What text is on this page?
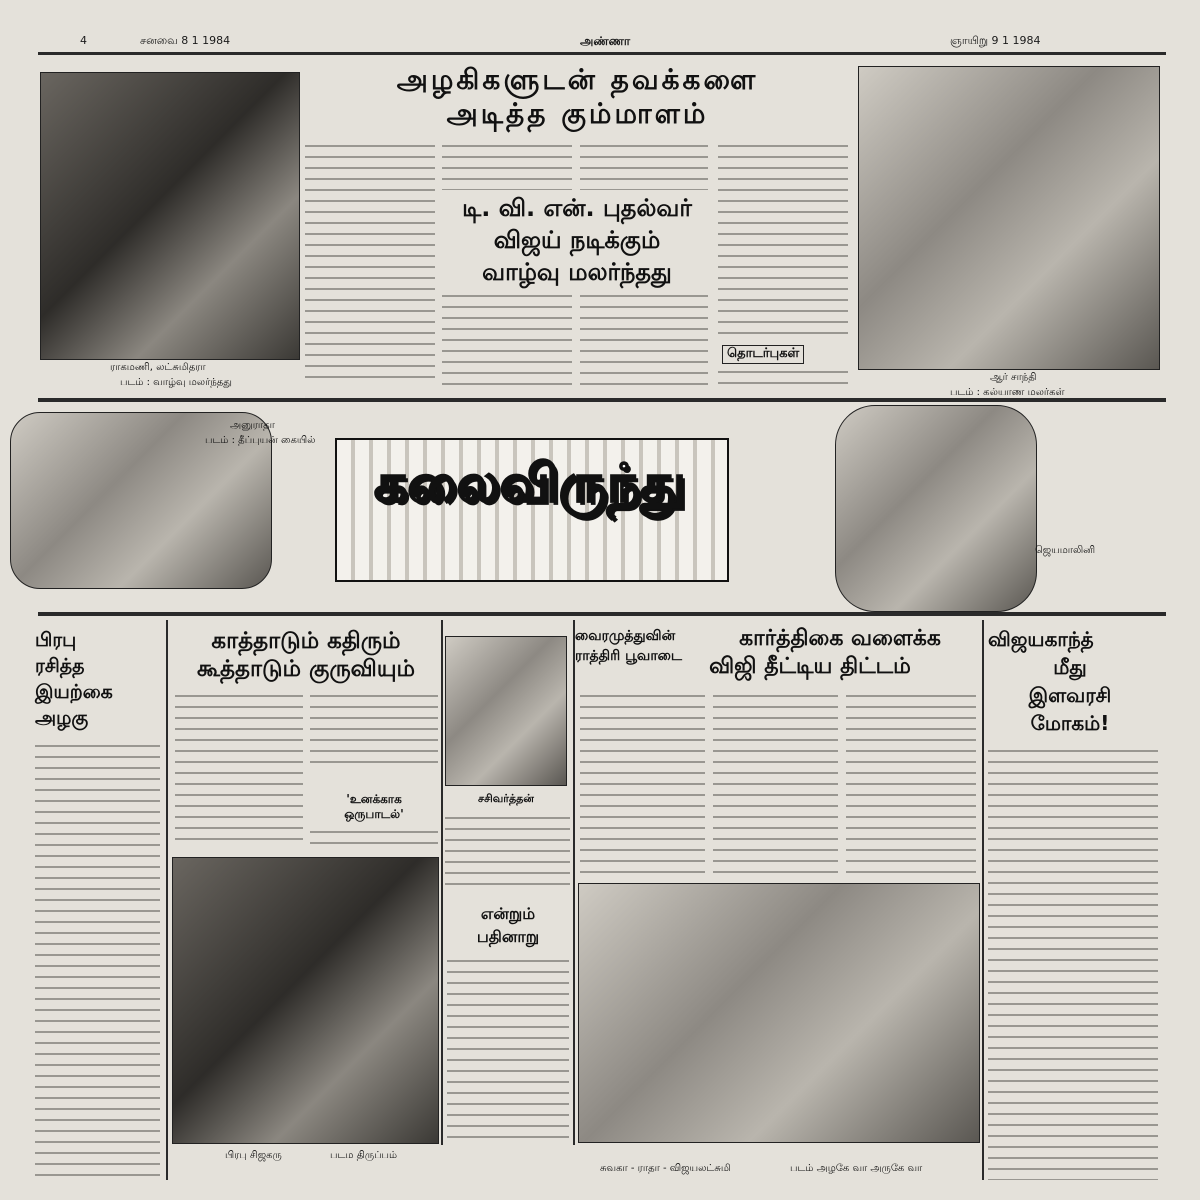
4	சனவை 8 1 1984	அண்ணா	ஞாயிறு 9 1 1984
ராகமணி, லட்சுமிதரா
படம் : வாழ்வு மலர்ந்தது
அழகிகளுடன் தவக்களை
அடித்த கும்மாளம்
டி. வி. என். புதல்வர்
விஜய் நடிக்கும்
வாழ்வு மலர்ந்தது
தொடர்புகள்
ஆர் சாந்தி
படம் : கல்யாண மலர்கள்
அனுராதா
படம் : தீப்புயன் கையில்
கலைவிருந்து
ஜெயமாலினி
பிரபு
ரசித்த
இயற்கை
அழகு
காத்தாடும் கதிரும்
கூத்தாடும் குருவியும்
'உனக்காக
ஒருபாடல்'
சசிவர்த்தன்
பிரபு சிஜகரு	படம திருப்பம்
என்றும்
பதினாறு
வைரமுத்துவின்
ராத்திரி பூவாடை
கார்த்திகை வளைக்க
விஜி தீட்டிய திட்டம்
சுவகா - ராதா - விஜயலட்சுமி	படம் அழகே வா அருகே வா
விஜயகாந்த்
மீது
இளவரசி
மோகம்!
